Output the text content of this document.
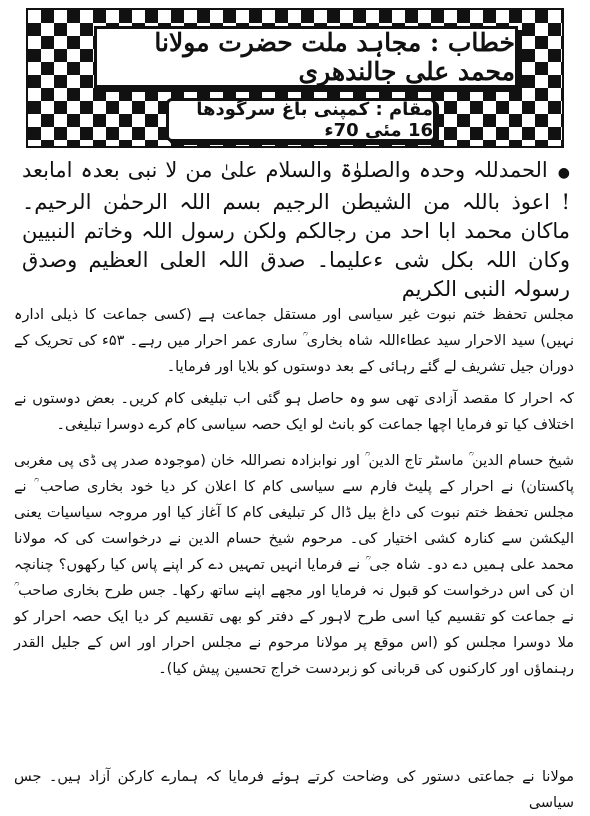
خطاب : مجاہد ملت حضرت مولانا محمد علی جالندھری
مقام : کمپنی باغ سرگودھا 16 مئی 70ء
●الحمدللہ وحدہ والصلوٰۃ والسلام علیٰ من لا نبی بعدہ امابعد ! اعوذ باللہ من الشیطن الرجیم بسم اللہ الرحمٰن الرحیم۔ ماکان محمد ابا احد من رجالکم ولکن رسول اللہ وخاتم النبیین وکان اللہ بکل شی ءعلیما۔ صدق اللہ العلی العظیم وصدق رسولہ النبی الکریم
مجلس تحفظ ختم نبوت غیر سیاسی اور مستقل جماعت ہے (کسی جماعت کا ذیلی ادارہ نہیں) سید الاحرار سید عطاءاللہ شاہ بخاری ؒ ساری عمر احرار میں رہے۔ ۵۳ء کی تحریک کے دوران جیل تشریف لے گئے رہائی کے بعد دوستوں کو بلایا اور فرمایا۔
کہ احرار کا مقصد آزادی تھی سو وہ حاصل ہو گئی اب تبلیغی کام کریں۔ بعض دوستوں نے اختلاف کیا تو فرمایا اچھا جماعت کو بانٹ لو ایک حصہ سیاسی کام کرے دوسرا تبلیغی۔
شیخ حسام الدین ؒ ماسٹر تاج الدین ؒ اور نوابزادہ نصراللہ خان (موجودہ صدر پی ڈی پی مغربی پاکستان) نے احرار کے پلیٹ فارم سے سیاسی کام کا اعلان کر دیا خود بخاری صاحب ؒ نے مجلس تحفظ ختم نبوت کی داغ بیل ڈال کر تبلیغی کام کا آغاز کیا اور مروجہ سیاسیات یعنی الیکشن سے کنارہ کشی اختیار کی۔ مرحوم شیخ حسام الدین نے درخواست کی کہ مولانا محمد علی ہمیں دے دو۔ شاہ جی ؒ نے فرمایا انہیں تمہیں دے کر اپنے پاس کیا رکھوں؟ چنانچہ ان کی اس درخواست کو قبول نہ فرمایا اور مجھے اپنے ساتھ رکھا۔ جس طرح بخاری صاحب ؒ نے جماعت کو تقسیم کیا اسی طرح لاہور کے دفتر کو بھی تقسیم کر دیا ایک حصہ احرار کو ملا دوسرا مجلس کو (اس موقع پر مولانا مرحوم نے مجلس احرار اور اس کے جلیل القدر رہنماؤں اور کارکنوں کی قربانی کو زبردست خراج تحسین پیش کیا)۔
مولانا نے جماعتی دستور کی وضاحت کرتے ہوئے فرمایا کہ ہمارے کارکن آزاد ہیں۔ جس سیاسی
